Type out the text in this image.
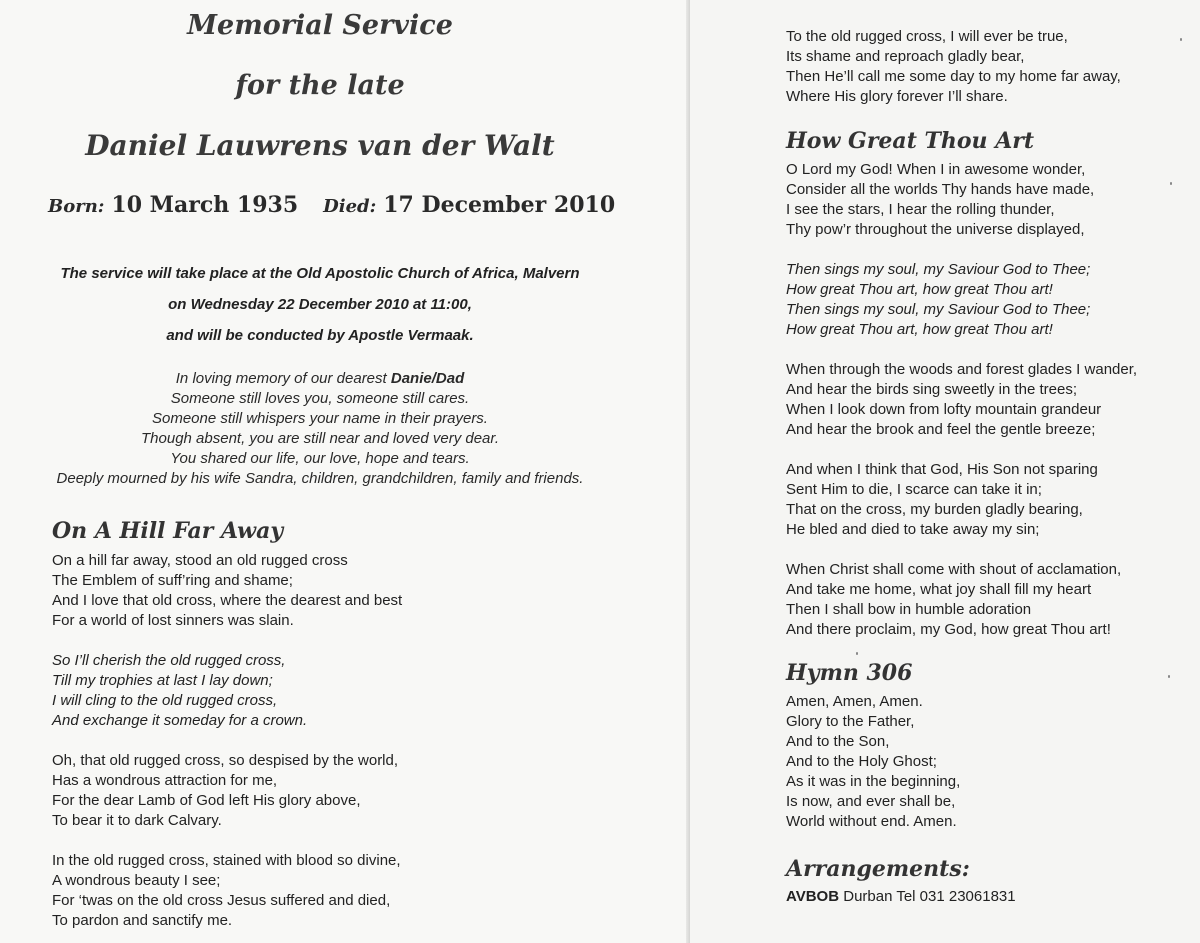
Memorial Service
for the late
Daniel Lauwrens van der Walt
Born: 10 March 1935 Died: 17 December 2010
The service will take place at the Old Apostolic Church of Africa, Malvern
on Wednesday 22 December 2010 at 11:00,
and will be conducted by Apostle Vermaak.
In loving memory of our dearest Danie/Dad
Someone still loves you, someone still cares.
Someone still whispers your name in their prayers.
Though absent, you are still near and loved very dear.
You shared our life, our love, hope and tears.
Deeply mourned by his wife Sandra, children, grandchildren, family and friends.
On A Hill Far Away
On a hill far away, stood an old rugged cross
The Emblem of suff’ring and shame;
And I love that old cross, where the dearest and best
For a world of lost sinners was slain.
So I’ll cherish the old rugged cross,
Till my trophies at last I lay down;
I will cling to the old rugged cross,
And exchange it someday for a crown.
Oh, that old rugged cross, so despised by the world,
Has a wondrous attraction for me,
For the dear Lamb of God left His glory above,
To bear it to dark Calvary.
In the old rugged cross, stained with blood so divine,
A wondrous beauty I see;
For ‘twas on the old cross Jesus suffered and died,
To pardon and sanctify me.
To the old rugged cross, I will ever be true,
Its shame and reproach gladly bear,
Then He’ll call me some day to my home far away,
Where His glory forever I’ll share.
How Great Thou Art
O Lord my God! When I in awesome wonder,
Consider all the worlds Thy hands have made,
I see the stars, I hear the rolling thunder,
Thy pow’r throughout the universe displayed,
Then sings my soul, my Saviour God to Thee;
How great Thou art, how great Thou art!
Then sings my soul, my Saviour God to Thee;
How great Thou art, how great Thou art!
When through the woods and forest glades I wander,
And hear the birds sing sweetly in the trees;
When I look down from lofty mountain grandeur
And hear the brook and feel the gentle breeze;
And when I think that God, His Son not sparing
Sent Him to die, I scarce can take it in;
That on the cross, my burden gladly bearing,
He bled and died to take away my sin;
When Christ shall come with shout of acclamation,
And take me home, what joy shall fill my heart
Then I shall bow in humble adoration
And there proclaim, my God, how great Thou art!
Hymn 306
Amen, Amen, Amen.
Glory to the Father,
And to the Son,
And to the Holy Ghost;
As it was in the beginning,
Is now, and ever shall be,
World without end. Amen.
Arrangements:
AVBOB Durban Tel 031 23061831
